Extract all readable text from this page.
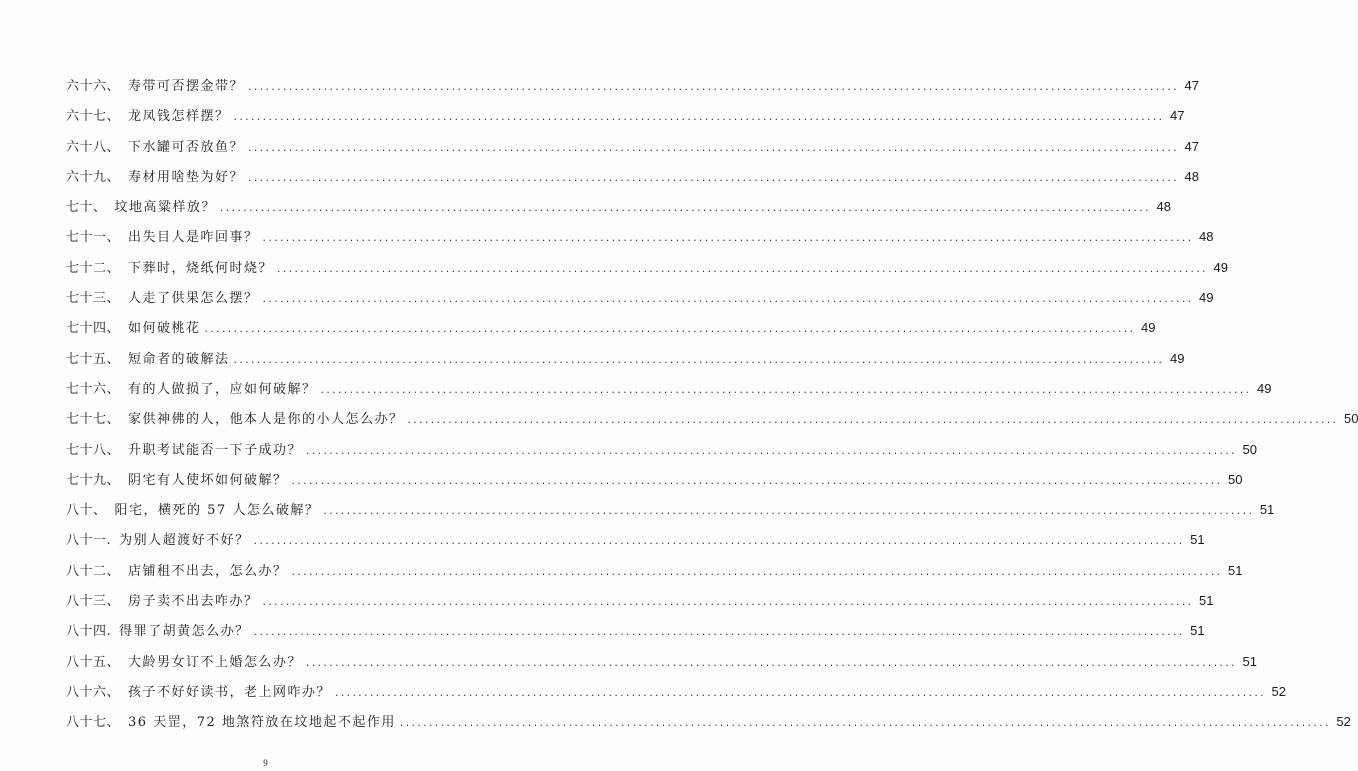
六十六、 寿带可否摆金带？ ................................................................................................................................................................ 47
六十七、 龙凤钱怎样摆？ ................................................................................................................................................................ 47
六十八、 下水罐可否放鱼？ ................................................................................................................................................................ 47
六十九、 寿材用啥垫为好？ ................................................................................................................................................................ 48
七十、 坟地高粱样放？ ................................................................................................................................................................ 48
七十一、 出失目人是咋回事？ ................................................................................................................................................................ 48
七十二、 下葬时，烧纸何时烧？ ................................................................................................................................................................ 49
七十三、 人走了供果怎么摆？ ................................................................................................................................................................ 49
七十四、 如何破桃花 ................................................................................................................................................................ 49
七十五、 短命者的破解法 ................................................................................................................................................................ 49
七十六、 有的人做损了，应如何破解？ ................................................................................................................................................................ 49
七十七、 家供神佛的人，他本人是你的小人怎么办？ ................................................................................................................................................................ 50
七十八、 升职考试能否一下子成功？ ................................................................................................................................................................ 50
七十九、 阴宅有人使坏如何破解？ ................................................................................................................................................................ 50
八十、 阳宅，横死的 57 人怎么破解？ ................................................................................................................................................................ 51
八十一. 为别人超渡好不好？ ................................................................................................................................................................ 51
八十二、 店铺租不出去，怎么办？ ................................................................................................................................................................ 51
八十三、 房子卖不出去咋办？ ................................................................................................................................................................ 51
八十四. 得罪了胡黄怎么办？ ................................................................................................................................................................ 51
八十五、 大龄男女订不上婚怎么办？ ................................................................................................................................................................ 51
八十六、 孩子不好好读书，老上网咋办？ ................................................................................................................................................................ 52
八十七、 36 天罡，72 地煞符放在坟地起不起作用 ................................................................................................................................................................ 52
9
